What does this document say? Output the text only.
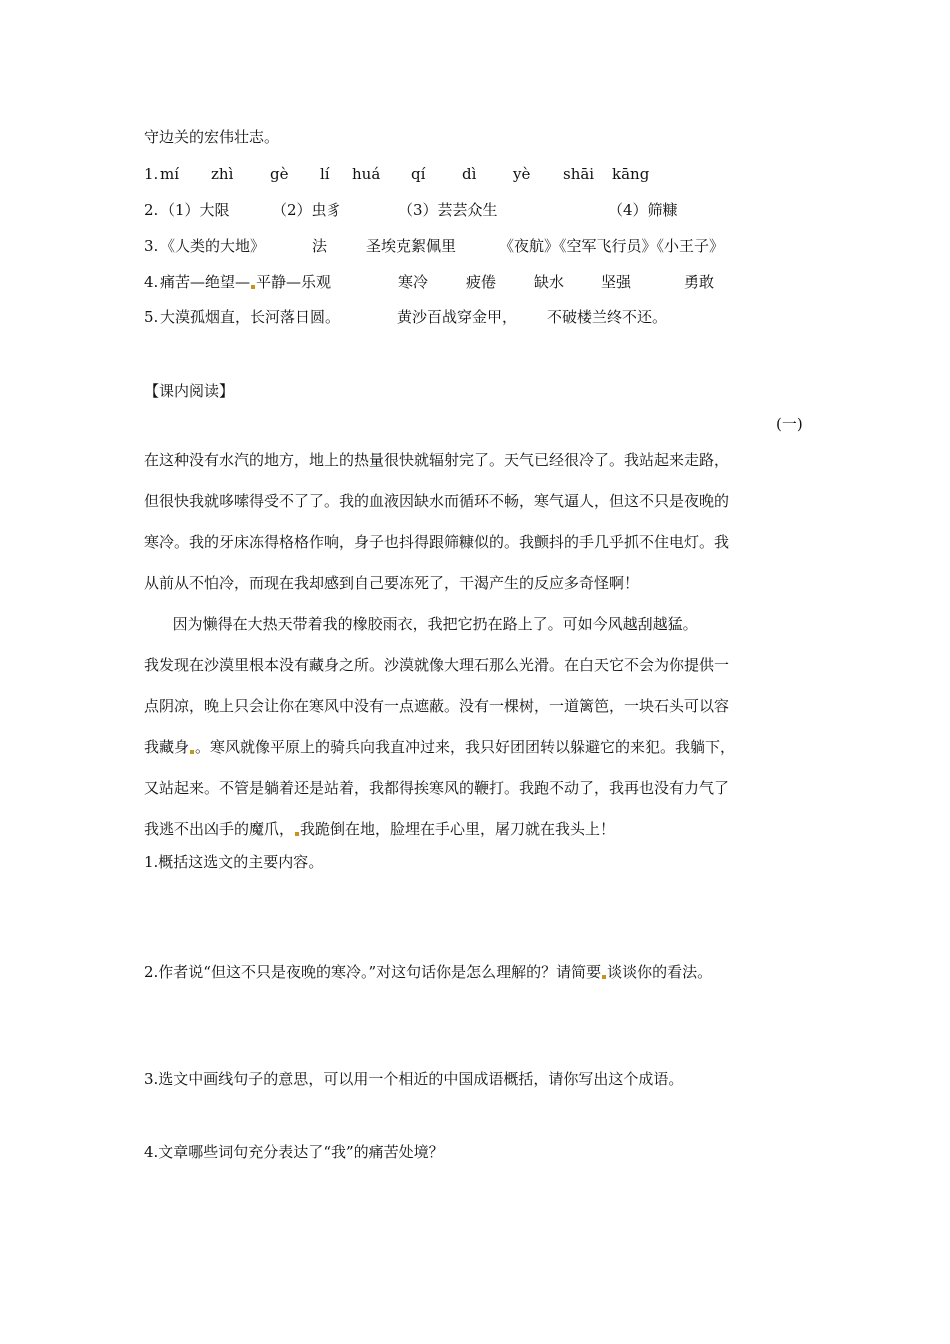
守边关的宏伟壮志。
1. mí zhì gè lí huá qí dì yè shāi kāng
2. （1）大限	（2）虫豸	（3）芸芸众生	（4）筛糠
3. 《人类的大地》	法	圣埃克絮佩里	《夜航》《空军飞行员》《小王子》
4. 痛苦—绝望— 平静—乐观	寒冷	疲倦	缺水 坚强	勇敢
5. 大漠孤烟直，长河落日圆。	黄沙百战穿金甲， 不破楼兰终不还。
【课内阅读】
(一)
在这种没有水汽的地方，地上的热量很快就辐射完了。天气已经很冷了。我站起来走路，
但很快我就哆嗦得受不了了。我的血液因缺水而循环不畅，寒气逼人，但这不只是夜晚的
寒冷。我的牙床冻得格格作响，身子也抖得跟筛糠似的。我颤抖的手几乎抓不住电灯。我
从前从不怕冷，而现在我却感到自己要冻死了，干渴产生的反应多奇怪啊！
因为懒得在大热天带着我的橡胶雨衣，我把它扔在路上了。可如今风越刮越猛。
我发现在沙漠里根本没有藏身之所。沙漠就像大理石那么光滑。在白天它不会为你提供一
点阴凉，晚上只会让你在寒风中没有一点遮蔽。没有一棵树，一道篱笆，一块石头可以容
我藏身 。寒风就像平原上的骑兵向我直冲过来，我只好团团转以躲避它的来犯。我躺下，
又站起来。不管是躺着还是站着，我都得挨寒风的鞭打。我跑不动了，我再也没有力气了
我逃不出凶手的魔爪， 我跪倒在地，脸埋在手心里，屠刀就在我头上！
1.概括这选文的主要内容。
2.作者说“但这不只是夜晚的寒冷。”对这句话你是怎么理解的？请简要 谈谈你的看法。
3.选文中画线句子的意思，可以用一个相近的中国成语概括，请你写出这个成语。
4.文章哪些词句充分表达了“我”的痛苦处境？
